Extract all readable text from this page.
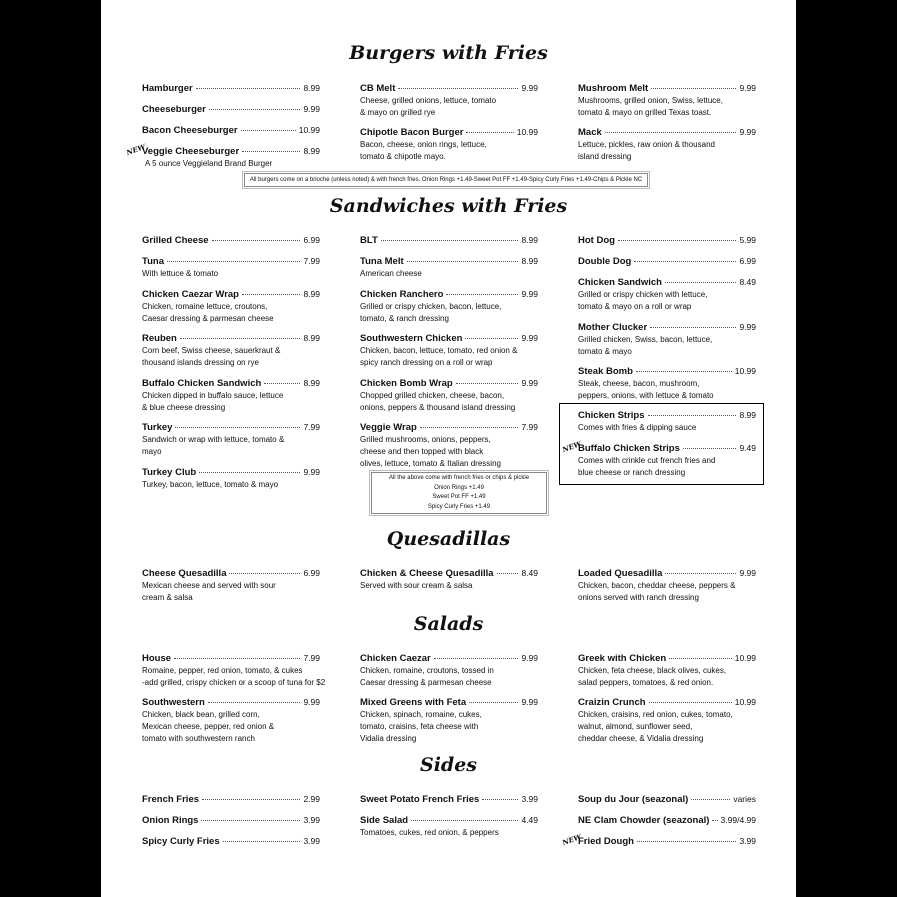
Burgers with Fries
Sandwiches with Fries
Quesadillas
Salads
Sides
Hamburger	8.99
Cheeseburger	9.99
Bacon Cheeseburger	10.99
NEW
Veggie Cheeseburger	8.99
A 5 ounce Veggieland Brand Burger
CB Melt	9.99
Cheese, grilled onions, lettuce, tomato
& mayo on grilled rye
Chipotle Bacon Burger	10.99
Bacon, cheese, onion rings, lettuce,
tomato & chipotle mayo.
Mushroom Melt	9.99
Mushrooms, grilled onion, Swiss, lettuce,
tomato & mayo on grilled Texas toast.
Mack	9.99
Lettuce, pickles, raw onion & thousand
island dressing
All burgers come on a brioche (unless noted) & with french fries. Onion Rings +1.49-Sweet Pot FF +1.49-Spicy Curly Fries +1.49-Chips & Pickle NC
Grilled Cheese	6.99
Tuna	7.99
With lettuce & tomato
Chicken Caezar Wrap	8.99
Chicken, romaine lettuce, croutons,
Caesar dressing & parmesan cheese
Reuben	8.99
Corn beef, Swiss cheese, sauerkraut &
thousand islands dressing on rye
Buffalo Chicken Sandwich	8.99
Chicken dipped in buffalo sauce, lettuce
& blue cheese dressing
Turkey	7.99
Sandwich or wrap with lettuce, tomato &
mayo
Turkey Club	9.99
Turkey, bacon, lettuce, tomato & mayo
BLT	8.99
Tuna Melt	8.99
American cheese
Chicken Ranchero	9.99
Grilled or crispy chicken, bacon, lettuce,
tomato, & ranch dressing
Southwestern Chicken	9.99
Chicken, bacon, lettuce, tomato, red onion &
spicy ranch dressing on a roll or wrap
Chicken Bomb Wrap	9.99
Chopped grilled chicken, cheese, bacon,
onions, peppers & thousand island dressing
Veggie Wrap	7.99
Grilled mushrooms, onions, peppers,
cheese and then topped with black
olives, lettuce, tomato & Italian dressing
All the above come with french fries or chips & pickle
Onion Rings +1.49
Sweet Pot FF +1.49
Spicy Curly Fries +1.49
Hot Dog	5.99
Double Dog	6.99
Chicken Sandwich	8.49
Grilled or crispy chicken with lettuce,
tomato & mayo on a roll or wrap
Mother Clucker	9.99
Grilled chicken, Swiss, bacon, lettuce,
tomato & mayo
Steak Bomb	10.99
Steak, cheese, bacon, mushroom,
peppers, onions, with lettuce & tomato
Chicken Strips	8.99
Comes with fries & dipping sauce
NEW
Buffalo Chicken Strips	9.49
Comes with crinkle cut french fries and
blue cheese or ranch dressing
Cheese Quesadilla	6.99
Mexican cheese and served with sour
cream & salsa
Chicken & Cheese Quesadilla	8.49
Served with sour cream & salsa
Loaded Quesadilla	9.99
Chicken, bacon, cheddar cheese, peppers &
onions served with ranch dressing
House	7.99
Romaine, pepper, red onion, tomato, & cukes
-add grilled, crispy chicken or a scoop of tuna for $2
Southwestern	9.99
Chicken, black bean, grilled corn,
Mexican cheese, pepper, red onion &
tomato with southwestern ranch
Chicken Caezar	9.99
Chicken, romaine, croutons, tossed in
Caesar dressing & parmesan cheese
Mixed Greens with Feta	9.99
Chicken, spinach, romaine, cukes,
tomato, craisins, feta cheese with
Vidalia dressing
Greek with Chicken	10.99
Chicken, feta cheese, black olives, cukes,
salad peppers, tomatoes, & red onion.
Craizin Crunch	10.99
Chicken, craisins, red onion, cukes, tomato,
walnut, almond, sunflower seed,
cheddar cheese, & Vidalia dressing
French Fries	2.99
Onion Rings	3.99
Spicy Curly Fries	3.99
Sweet Potato French Fries	3.99
Side Salad	4.49
Tomatoes, cukes, red onion, & peppers
Soup du Jour (seazonal)	varies
NE Clam Chowder (seazonal) 3.99/4.99
NEW
Fried Dough	3.99
